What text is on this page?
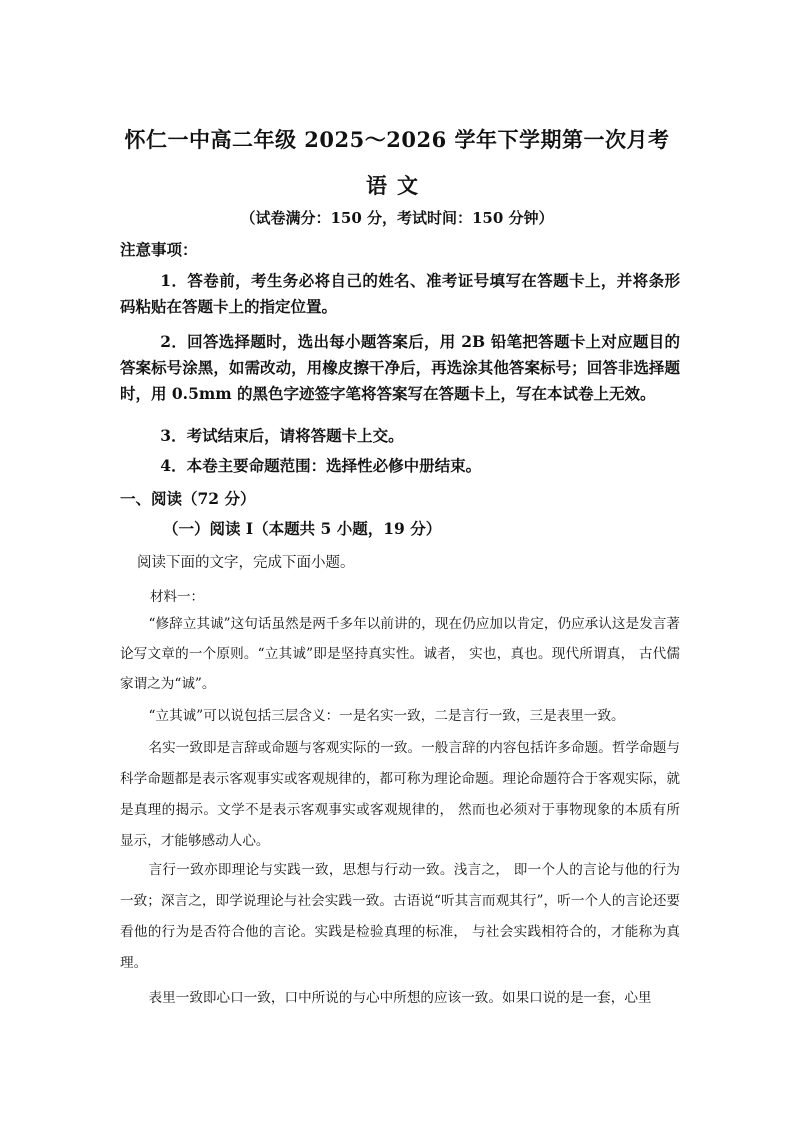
怀仁一中高二年级 2025～2026 学年下学期第一次月考
语文
（试卷满分：150 分，考试时间：150 分钟）
注意事项：

1．答卷前，考生务必将自己的姓名、准考证号填写在答题卡上，并将条形码粘贴在答题卡上的指定位置。

2．回答选择题时，选出每小题答案后，用 2B 铅笔把答题卡上对应题目的答案标号涂黑，如需改动，用橡皮擦干净后，再选涂其他答案标号；回答非选择题时，用 0.5mm 的黑色字迹签字笔将答案写在答题卡上，写在本试卷上无效。

3．考试结束后，请将答题卡上交。

4．本卷主要命题范围：选择性必修中册结束。

一、阅读（72 分）
（一）阅读 I（本题共 5 小题，19 分）
阅读下面的文字，完成下面小题。
材料一：

“修辞立其诚”这句话虽然是两千多年以前讲的，现在仍应加以肯定，仍应承认这是发言著论写文章的一个原则。“立其诚”即是坚持真实性。诚者， 实也，真也。现代所谓真， 古代儒家谓之为“诚”。

“立其诚”可以说包括三层含义：一是名实一致，二是言行一致，三是表里一致。

名实一致即是言辞或命题与客观实际的一致。一般言辞的内容包括许多命题。哲学命题与科学命题都是表示客观事实或客观规律的，都可称为理论命题。理论命题符合于客观实际，就是真理的揭示。文学不是表示客观事实或客观规律的， 然而也必须对于事物现象的本质有所显示，才能够感动人心。

言行一致亦即理论与实践一致，思想与行动一致。浅言之， 即一个人的言论与他的行为一致；深言之，即学说理论与社会实践一致。古语说“听其言而观其行”，听一个人的言论还要看他的行为是否符合他的言论。实践是检验真理的标准， 与社会实践相符合的，才能称为真理。

表里一致即心口一致，口中所说的与心中所想的应该一致。如果口说的是一套，心里
